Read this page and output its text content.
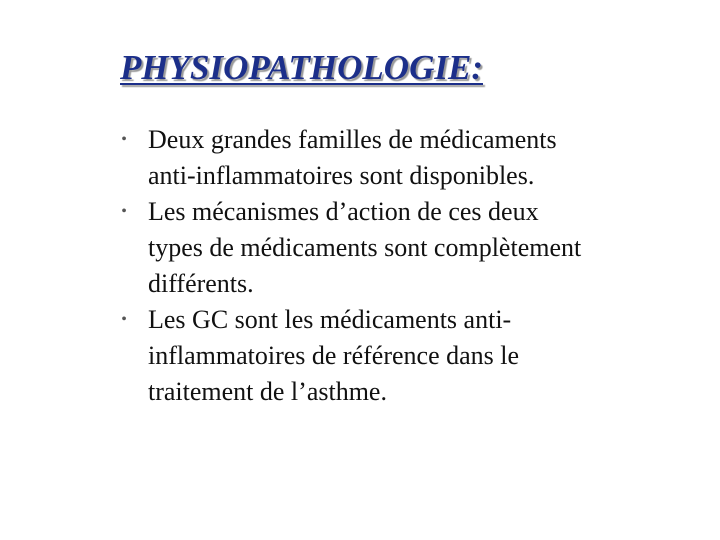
PHYSIOPATHOLOGIE:
• Deux grandes familles de médicaments
anti-inflammatoires sont disponibles.
• Les mécanismes d’action de ces deux
types de médicaments sont complètement
différents.
• Les GC sont les médicaments anti-
inflammatoires de référence dans le
traitement de l’asthme.
